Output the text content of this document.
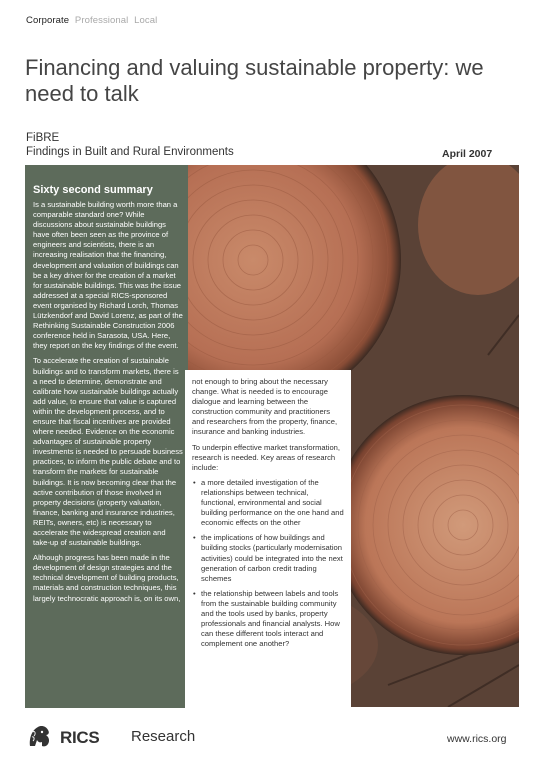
Corporate Professional Local
Financing and valuing sustainable property: we need to talk
FiBRE
Findings in Built and Rural Environments	April 2007
Sixty second summary

Is a sustainable building worth more than a comparable standard one? While discussions about sustainable buildings have often been seen as the province of engineers and scientists, there is an increasing realisation that the financing, development and valuation of buildings can be a key driver for the creation of a market for sustainable buildings. This was the issue addressed at a special RICS-sponsored event organised by Richard Lorch, Thomas Lützkendorf and David Lorenz, as part of the Rethinking Sustainable Construction 2006 conference held in Sarasota, USA. Here, they report on the key findings of the event.

To accelerate the creation of sustainable buildings and to transform markets, there is a need to determine, demonstrate and calibrate how sustainable buildings actually add value, to ensure that value is captured within the development process, and to ensure that fiscal incentives are provided where needed. Evidence on the economic advantages of sustainable property investments is needed to persuade business practices, to inform the public debate and to transform the markets for sustainable buildings. It is now becoming clear that the active contribution of those involved in property decisions (property valuation, finance, banking and insurance industries, REITs, owners, etc) is necessary to accelerate the widespread creation and take-up of sustainable buildings.

Although progress has been made in the development of design strategies and the technical development of building products, materials and construction techniques, this largely technocratic approach is, on its own,

not enough to bring about the necessary change. What is needed is to encourage dialogue and learning between the construction community and practitioners and researchers from the property, finance, insurance and banking industries.

To underpin effective market transformation, research is needed. Key areas of research include:

• a more detailed investigation of the relationships between technical, functional, environmental and social building performance on the one hand and economic effects on the other
• the implications of how buildings and building stocks (particularly modernisation activities) could be integrated into the next generation of carbon credit trading schemes
• the relationship between labels and tools from the sustainable building community and the tools used by banks, property professionals and financial analysts. How can these different tools interact and complement one another?
RICS Research	www.rics.org
